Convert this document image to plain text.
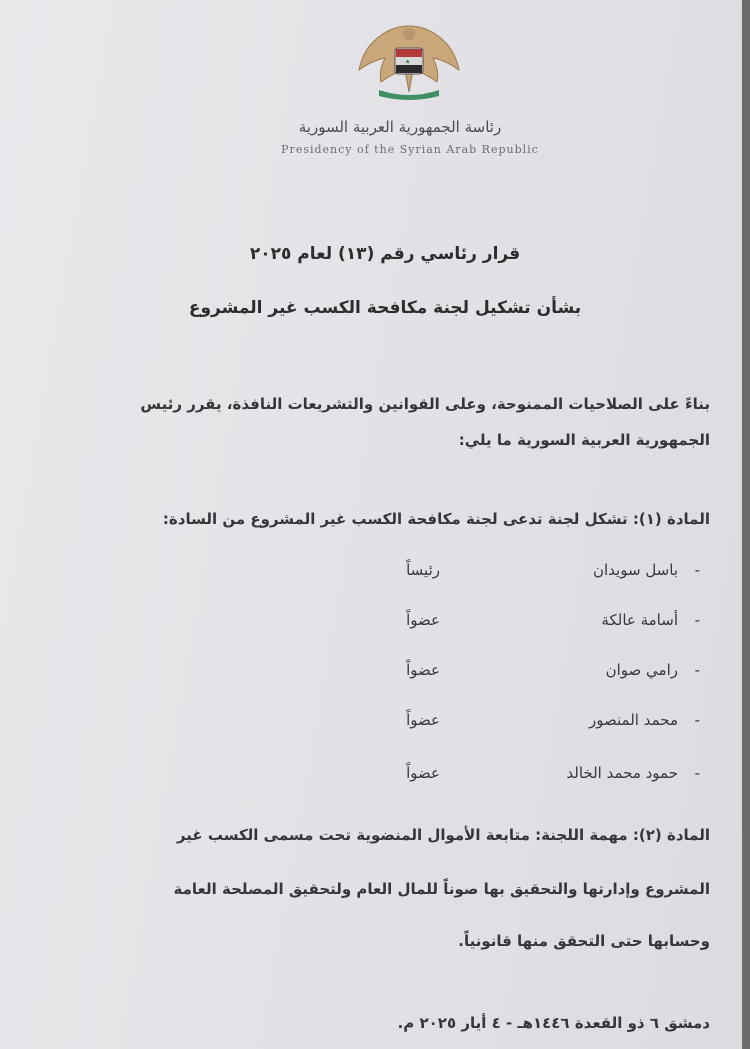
★
رئاسة الجمهورية العربية السورية
Presidency of the Syrian Arab Republic
قرار رئاسي رقم (١٣) لعام ٢٠٢٥
بشأن تشكيل لجنة مكافحة الكسب غير المشروع
بناءً على الصلاحيات الممنوحة، وعلى القوانين والتشريعات النافذة، يقرر رئيس
الجمهورية العربية السورية ما يلي:
المادة (١): تشكل لجنة تدعى لجنة مكافحة الكسب غير المشروع من السادة:
-
باسل سويدان
رئيساً
-
أسامة عالكة
عضواً
-
رامي صوان
عضواً
-
محمد المنصور
عضواً
-
حمود محمد الخالد
عضواً
المادة (٢): مهمة اللجنة: متابعة الأموال المنضوية تحت مسمى الكسب غير
المشروع وإدارتها والتحقيق بها صوناً للمال العام ولتحقيق المصلحة العامة
وحسابها حتى التحقق منها قانونياً.
دمشق ٦ ذو القعدة ١٤٤٦هـ - ٤ أيار ٢٠٢٥ م.
